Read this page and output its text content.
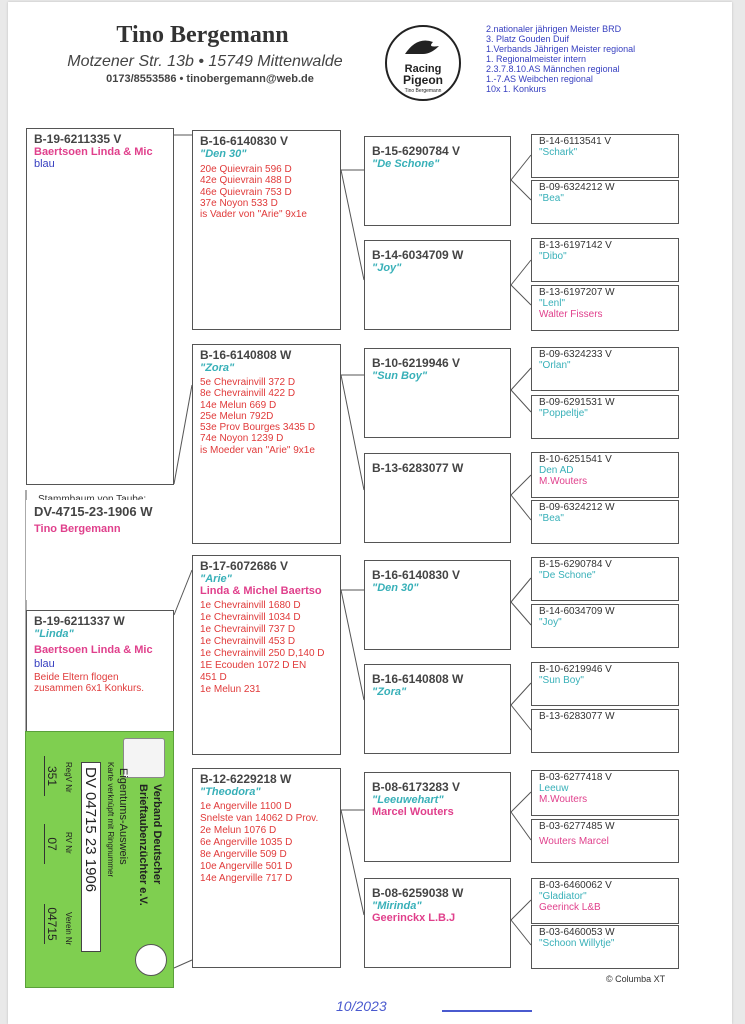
Tino Bergemann
Motzener Str. 13b • 15749 Mittenwalde
0173/8553586 • tinobergemann@web.de
Racing
Pigeon
Tino Bergemann
2.nationaler jährigen Meister BRD
3. Platz Gouden Duif
1.Verbands Jährigen Meister regional
1. Regionalmeister intern
2.3.7.8.10.AS Männchen regional
1.-7.AS Weibchen regional
10x 1. Konkurs
B-19-6211335 V
Baertsoen Linda & Mic
blau
DV-4715-23-1906 W
Tino Bergemann
B-19-6211337 W
"Linda"
Baertsoen Linda & Mic
blau
Beide Eltern flogen
zusammen 6x1 Konkurs.
B-16-6140830 V
"Den 30"
20e Quievrain 596 D
42e Quievrain 488 D
46e Quievrain 753 D
37e Noyon 533 D
is Vader von "Arie" 9x1e
B-16-6140808 W
"Zora"
5e Chevrainvill 372 D
8e Chevrainvill 422 D
14e Melun 669 D
25e Melun 792D
53e Prov Bourges 3435 D
74e Noyon 1239 D
is Moeder van "Arie" 9x1e
B-17-6072686 V
"Arie"
Linda & Michel Baertso
1e Chevrainvill 1680 D
1e Chevrainvill 1034 D
1e Chevrainvill 737 D
1e Chevrainvill 453 D
1e Chevrainvill 250 D,140 D
1E Ecouden 1072 D EN
451 D
1e Melun 231
B-12-6229218 W
"Theodora"
1e Angerville 1100 D
Snelste van 14062 D Prov.
2e Melun 1076 D
6e Angerville 1035 D
8e Angerville 509 D
10e Angerville 501 D
14e Angerville 717 D
B-15-6290784 V
"De Schone"
B-14-6034709 W
"Joy"
B-10-6219946 V
"Sun Boy"
B-13-6283077 W
B-16-6140830 V
"Den 30"
B-16-6140808 W
"Zora"
B-08-6173283 V
"Leeuwehart"
Marcel Wouters
B-08-6259038 W
"Mirinda"
Geerinckx L.B.J
B-14-6113541 V
"Schark"
B-09-6324212 W
"Bea"
B-13-6197142 V
"Dibo"
B-13-6197207 W
"Lenl"
Walter Fissers
B-09-6324233 V
"Orlan"
B-09-6291531 W
"Poppeltje"
B-10-6251541 V
Den AD
M.Wouters
B-09-6324212 W
"Bea"
B-15-6290784 V
"De Schone"
B-14-6034709 W
"Joy"
B-10-6219946 V
"Sun Boy"
B-13-6283077 W
B-03-6277418 V
Leeuw
M.Wouters
B-03-6277485 W
Wouters Marcel
B-03-6460062 V
"Gladiator"
Geerinck L&B
B-03-6460053 W
"Schoon Willytje"
Verband Deutscher
Brieftaubenzüchter e.V.
Eigentums-Ausweis
Karte verknüpft mit Ringnummer
DV 04715 23 1906
RegV Nr
351
RV Nr
07
Verein Nr
04715
© Columba XT
10/2023
